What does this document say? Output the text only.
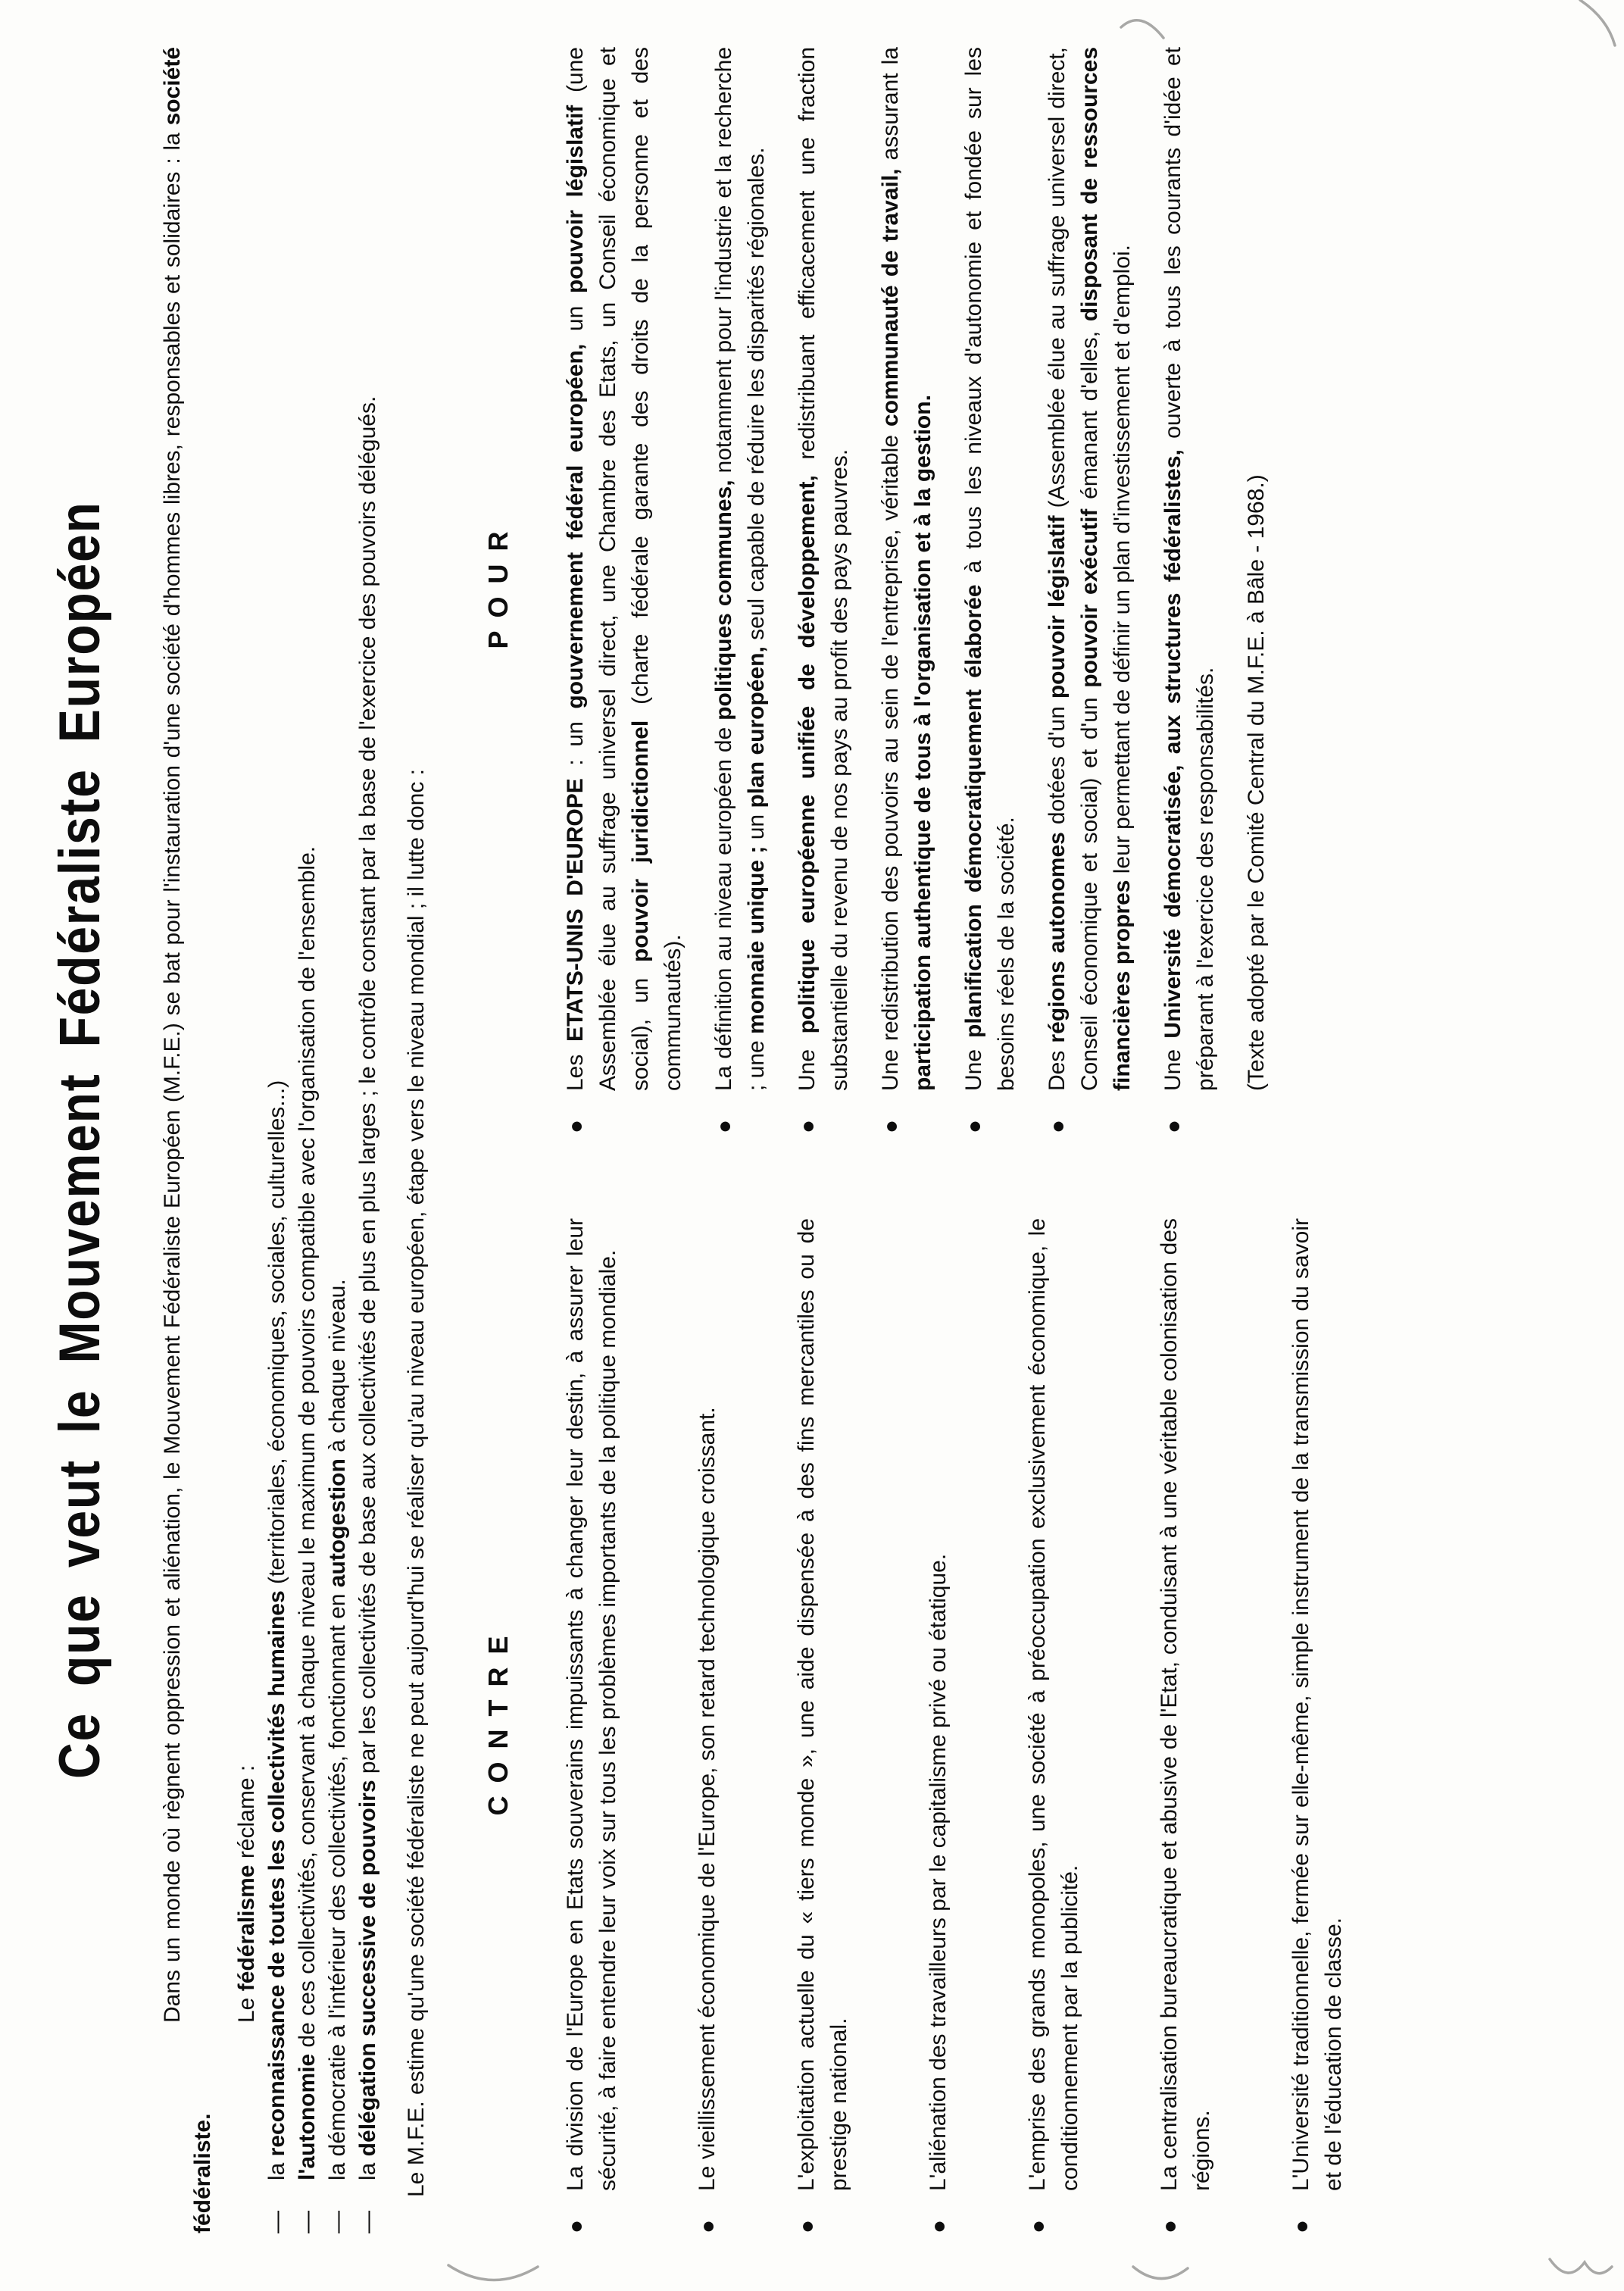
Ce que veut le Mouvement Fédéraliste Européen Dans un monde où règnent oppression et aliénation, le Mouvement Fédéraliste Européen (M.F.E.) se bat pour l'instauration d'une société d'hommes libres, responsables et solidaires : la société fédéraliste.

Le fédéralisme réclame :

—
la reconnaissance de toutes les collectivités humaines (territoriales, économiques, sociales, culturelles...)
—
l'autonomie de ces collectivités, conservant à chaque niveau le maximum de pouvoirs compatible avec l'organisation de l'ensemble.
—
la démocratie à l'intérieur des collectivités, fonctionnant en autogestion à chaque niveau.
—
la délégation successive de pouvoirs par les collectivités de base aux collectivités de plus en plus larges ; le contrôle constant par la base de l'exercice des pouvoirs délégués. Le M.F.E. estime qu'une société fédéraliste ne peut aujourd'hui se réaliser qu'au niveau européen, étape vers le niveau mondial ; il lutte donc : CONTRE
●
La division de l'Europe en Etats souverains impuissants à changer leur destin, à assurer leur sécurité, à faire entendre leur voix sur tous les problèmes importants de la politique mondiale.
●
Le vieillissement économique de l'Europe, son retard technologique croissant.
●
L'exploitation actuelle du « tiers monde », une aide dispensée à des fins mercantiles ou de prestige national.
●
L'aliénation des travailleurs par le capitalisme privé ou étatique.
●
L'emprise des grands monopoles, une société à préoccupation exclusivement économique, le conditionnement par la publicité.
●
La centralisation bureaucratique et abusive de l'Etat, conduisant à une véritable colonisation des régions.
●
L'Université traditionnelle, fermée sur elle-même, simple instrument de la transmission du savoir et de l'éducation de classe.
POUR
●
Les ETATS-UNIS D'EUROPE : un gouvernement fédéral européen, un pouvoir législatif (une Assemblée élue au suffrage universel direct, une Chambre des Etats, un Conseil économique et social), un pouvoir juridictionnel (charte fédérale garante des droits de la personne et des communautés).
●
La définition au niveau européen de politiques communes, notamment pour l'industrie et la recherche ; une monnaie unique ; un plan européen, seul capable de réduire les disparités régionales.
●
Une politique européenne unifiée de développement, redistribuant efficacement une fraction substantielle du revenu de nos pays au profit des pays pauvres.
●
Une redistribution des pouvoirs au sein de l'entreprise, véritable communauté de travail, assurant la participation authentique de tous à l'organisation et à la gestion.
●
Une planification démocratiquement élaborée à tous les niveaux d'autonomie et fondée sur les besoins réels de la société.
●
Des régions autonomes dotées d'un pouvoir législatif (Assemblée élue au suffrage universel direct, Conseil économique et social) et d'un pouvoir exécutif émanant d'elles, disposant de ressources financières propres leur permettant de définir un plan d'investissement et d'emploi.
●
Une Université démocratisée, aux structures fédéralistes, ouverte à tous les courants d'idée et préparant à l'exercice des responsabilités. (Texte adopté par le Comité Central du M.F.E. à Bâle - 1968.)
